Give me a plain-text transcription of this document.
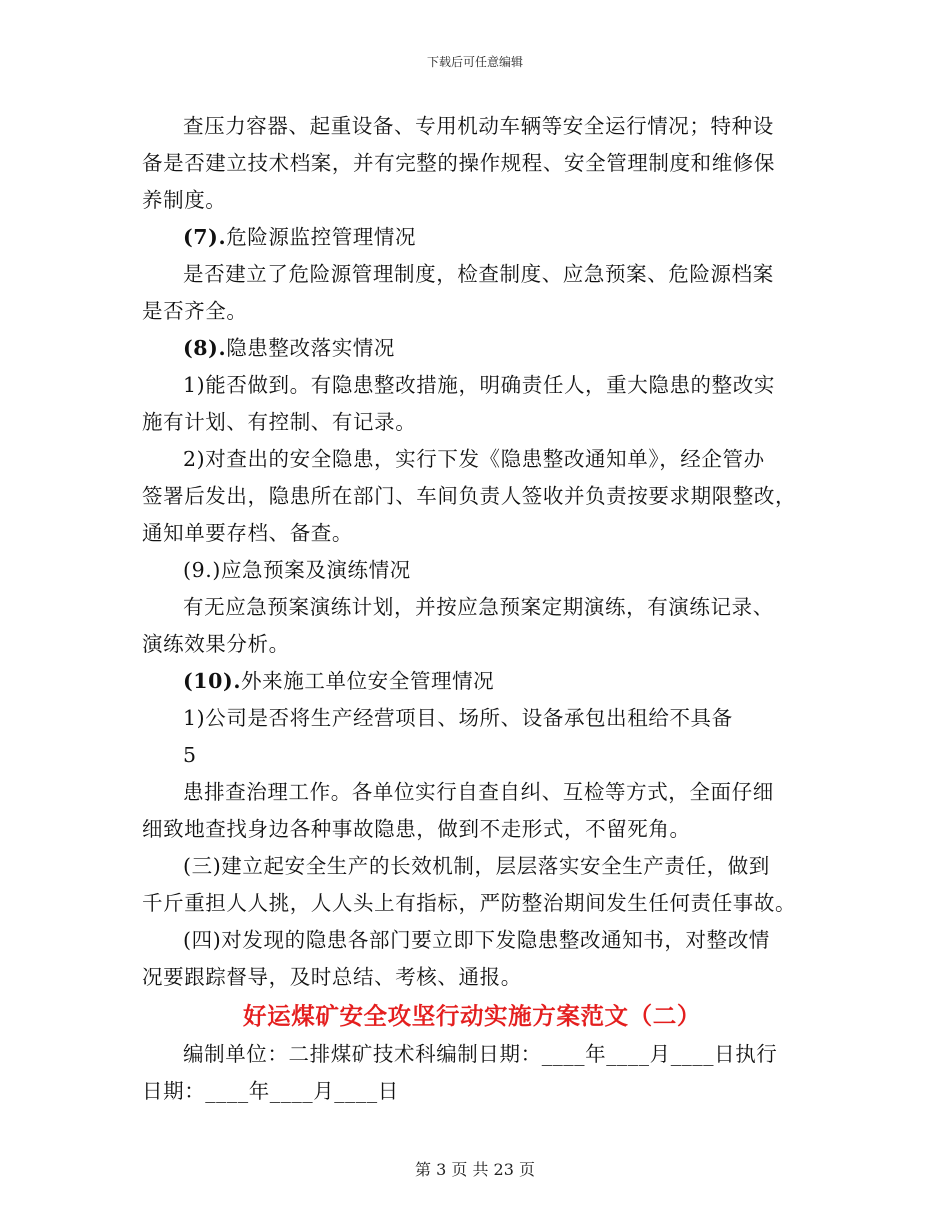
下载后可任意编辑
查压力容器、起重设备、专用机动车辆等安全运行情况；特种设
备是否建立技术档案，并有完整的操作规程、安全管理制度和维修保
养制度。
(7).危险源监控管理情况
是否建立了危险源管理制度，检查制度、应急预案、危险源档案
是否齐全。
(8).隐患整改落实情况
1)能否做到。有隐患整改措施，明确责任人，重大隐患的整改实
施有计划、有控制、有记录。
2)对查出的安全隐患，实行下发《隐患整改通知单》，经企管办
签署后发出，隐患所在部门、车间负责人签收并负责按要求期限整改，
通知单要存档、备查。
(9.)应急预案及演练情况
有无应急预案演练计划，并按应急预案定期演练，有演练记录、
演练效果分析。
(10).外来施工单位安全管理情况
1)公司是否将生产经营项目、场所、设备承包出租给不具备
5
患排查治理工作。各单位实行自查自纠、互检等方式，全面仔细
细致地查找身边各种事故隐患，做到不走形式，不留死角。
(三)建立起安全生产的长效机制，层层落实安全生产责任，做到
千斤重担人人挑，人人头上有指标，严防整治期间发生任何责任事故。
(四)对发现的隐患各部门要立即下发隐患整改通知书，对整改情
况要跟踪督导，及时总结、考核、通报。
好运煤矿安全攻坚行动实施方案范文（二）
编制单位：二排煤矿技术科编制日期：____年____月____日执行
日期：____年____月____日
第 3 页 共 23 页
